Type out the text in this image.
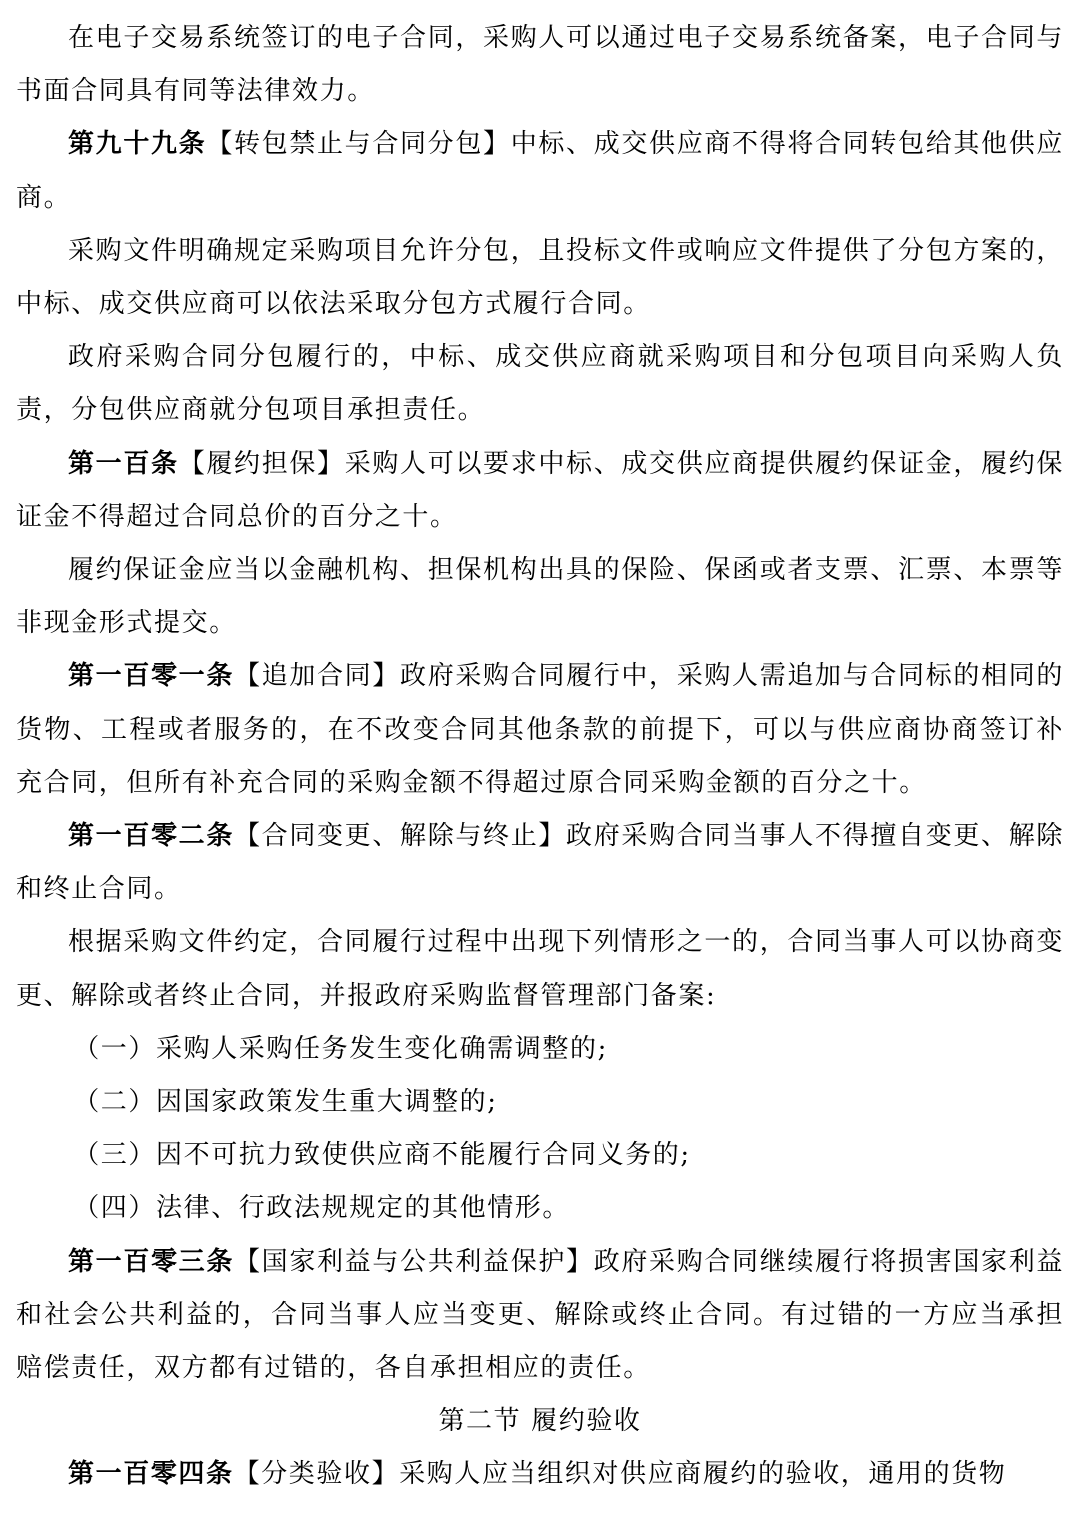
在电子交易系统签订的电子合同，采购人可以通过电子交易系统备案，电子合同与书面合同具有同等法律效力。

第九十九条【转包禁止与合同分包】中标、成交供应商不得将合同转包给其他供应商。

采购文件明确规定采购项目允许分包，且投标文件或响应文件提供了分包方案的，中标、成交供应商可以依法采取分包方式履行合同。

政府采购合同分包履行的，中标、成交供应商就采购项目和分包项目向采购人负责，分包供应商就分包项目承担责任。

第一百条【履约担保】采购人可以要求中标、成交供应商提供履约保证金，履约保证金不得超过合同总价的百分之十。

履约保证金应当以金融机构、担保机构出具的保险、保函或者支票、汇票、本票等非现金形式提交。

第一百零一条【追加合同】政府采购合同履行中，采购人需追加与合同标的相同的货物、工程或者服务的，在不改变合同其他条款的前提下，可以与供应商协商签订补充合同，但所有补充合同的采购金额不得超过原合同采购金额的百分之十。

第一百零二条【合同变更、解除与终止】政府采购合同当事人不得擅自变更、解除和终止合同。

根据采购文件约定，合同履行过程中出现下列情形之一的，合同当事人可以协商变更、解除或者终止合同，并报政府采购监督管理部门备案:

（一）采购人采购任务发生变化确需调整的;

（二）因国家政策发生重大调整的;

（三）因不可抗力致使供应商不能履行合同义务的;

（四）法律、行政法规规定的其他情形。

第一百零三条【国家利益与公共利益保护】政府采购合同继续履行将损害国家利益和社会公共利益的，合同当事人应当变更、解除或终止合同。有过错的一方应当承担赔偿责任，双方都有过错的，各自承担相应的责任。

第二节 履约验收

第一百零四条【分类验收】采购人应当组织对供应商履约的验收，通用的货物
